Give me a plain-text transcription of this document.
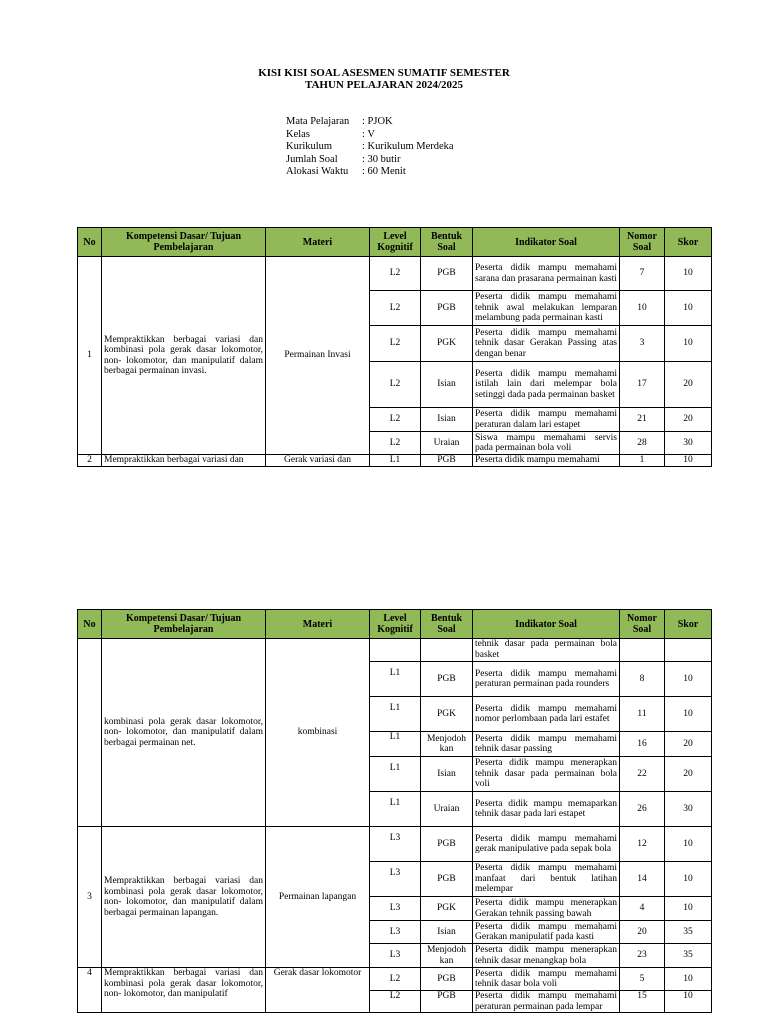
KISI KISI SOAL ASESMEN SUMATIF SEMESTER
TAHUN PELAJARAN 2024/2025
Mata Pelajaran	: PJOK
Kelas	: V
Kurikulum	: Kurikulum Merdeka
Jumlah Soal	: 30 butir
Alokasi Waktu	: 60 Menit
No	Kompetensi Dasar/ Tujuan Pembelajaran	Materi	Level Kognitif	Bentuk Soal	Indikator Soal	Nomor Soal	Skor
1	Mempraktikkan berbagai variasi dan kombinasi pola gerak dasar lokomotor, non- lokomotor, dan manipulatif dalam berbagai permainan invasi.	Permainan Invasi	L2	PGB	Peserta didik mampu memahami sarana dan prasarana permainan kasti	7	10
			L2	PGB	Peserta didik mampu memahami tehnik awal melakukan lemparan melambung pada permainan kasti	10	10
			L2	PGK	Peserta didik mampu memahami tehnik dasar Gerakan Passing atas dengan benar	3	10
			L2	Isian	Peserta didik mampu memahami istilah lain dari melempar bola setinggi dada pada permainan basket	17	20
			L2	Isian	Peserta didik mampu memahami peraturan dalam lari estapet	21	20
			L2	Uraian	Siswa mampu memahami servis pada permainan bola voli	28	30
2	Mempraktikkan berbagai variasi dan	Gerak variasi dan	L1	PGB	Peserta didik mampu memahami	1	10
No	Kompetensi Dasar/ Tujuan Pembelajaran	Materi	Level Kognitif	Bentuk Soal	Indikator Soal	Nomor Soal	Skor
	kombinasi pola gerak dasar lokomotor, non- lokomotor, dan manipulatif dalam berbagai permainan net.	kombinasi			tehnik dasar pada permainan bola basket		
			L1	PGB	Peserta didik mampu memahami peraturan permainan pada rounders	8	10
			L1	PGK	Peserta didik mampu memahami nomor perlombaan pada lari estafet	11	10
			L1	Menjodoh kan	Peserta didik mampu memahami tehnik dasar passing	16	20
			L1	Isian	Peserta didik mampu menerapkan tehnik dasar pada permainan bola voli	22	20
			L1	Uraian	Peserta didik mampu memaparkan tehnik dasar pada lari estapet	26	30
3	Mempraktikkan berbagai variasi dan kombinasi pola gerak dasar lokomotor, non- lokomotor, dan manipulatif dalam berbagai permainan lapangan.	Permainan lapangan	L3	PGB	Peserta didik mampu memahami gerak manipulative pada sepak bola	12	10
			L3	PGB	Peserta didik mampu memahami manfaat dari bentuk latihan melempar	14	10
			L3	PGK	Peserta didik mampu menerapkan Gerakan tehnik passing bawah	4	10
			L3	Isian	Peserta didik mampu memahami Gerakan manipulatif pada kasti	20	35
			L3	Menjodoh kan	Peserta didik mampu menerapkan tehnik dasar menangkap bola	23	35
4	Mempraktikkan berbagai variasi dan kombinasi pola gerak dasar lokomotor, non- lokomotor, dan manipulatif	Gerak dasar lokomotor	L2	PGB	Peserta didik mampu memahami tehnik dasar bola voli	5	10
			L2	PGB	Peserta didik mampu memahami peraturan permainan pada lempar	15	10
